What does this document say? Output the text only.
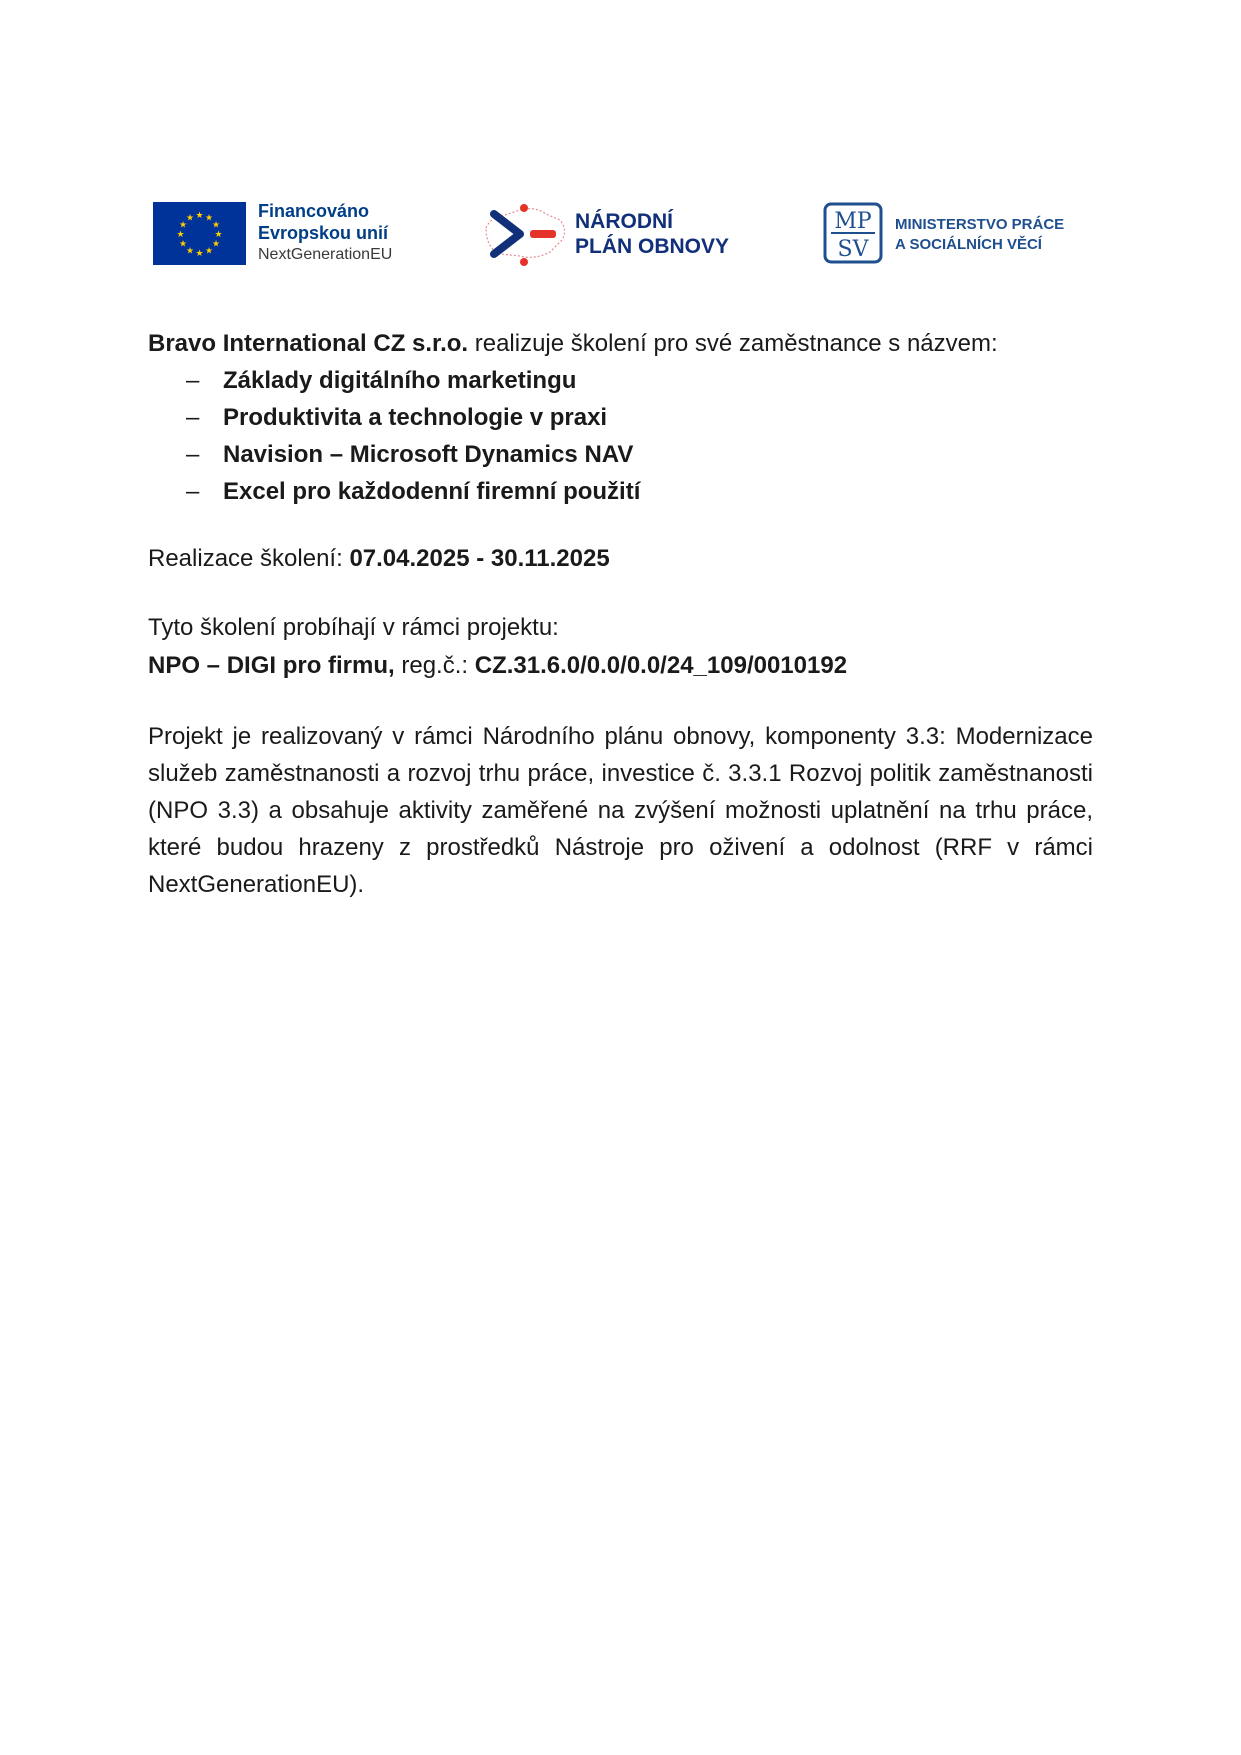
★ ★
★
★
★
★
★
★
★
★
★
★	Financováno
Evropskou unií
NextGenerationEU
NÁRODNÍ
PLÁN OBNOVY
MP
SV
MINISTERSTVO PRÁCE
A SOCIÁLNÍCH VĚCÍ

Bravo International CZ s.r.o. realizuje školení pro své zaměstnance s názvem:

– Základy digitálního marketingu
– Produktivita a technologie v praxi
– Navision – Microsoft Dynamics NAV
– Excel pro každodenní firemní použití

Realizace školení: 07.04.2025 - 30.11.2025

Tyto školení probíhají v rámci projektu:

NPO – DIGI pro firmu, reg.č.: CZ.31.6.0/0.0/0.0/24_109/0010192

Projekt je realizovaný v rámci Národního plánu obnovy, komponenty 3.3: Modernizace služeb zaměstnanosti a rozvoj trhu práce, investice č. 3.3.1 Rozvoj politik zaměstnanosti (NPO 3.3) a obsahuje aktivity zaměřené na zvýšení možnosti uplatnění na trhu práce, které budou hrazeny z prostředků Nástroje pro oživení a odolnost (RRF v rámci NextGenerationEU).
